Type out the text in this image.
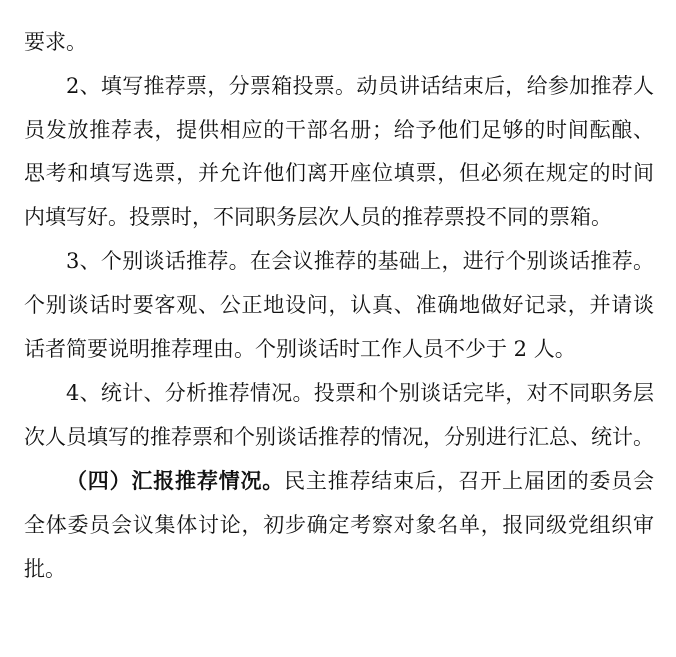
要求。
2、填写推荐票，分票箱投票。动员讲话结束后，给参加推荐人
员发放推荐表，提供相应的干部名册；给予他们足够的时间酝酿、
思考和填写选票，并允许他们离开座位填票，但必须在规定的时间
内填写好。投票时，不同职务层次人员的推荐票投不同的票箱。
3、个别谈话推荐。在会议推荐的基础上，进行个别谈话推荐。
个别谈话时要客观、公正地设问，认真、准确地做好记录，并请谈
话者简要说明推荐理由。个别谈话时工作人员不少于 2 人。
4、统计、分析推荐情况。投票和个别谈话完毕，对不同职务层
次人员填写的推荐票和个别谈话推荐的情况，分别进行汇总、统计。
（四）汇报推荐情况。民主推荐结束后，召开上届团的委员会
全体委员会议集体讨论，初步确定考察对象名单，报同级党组织审
批。
